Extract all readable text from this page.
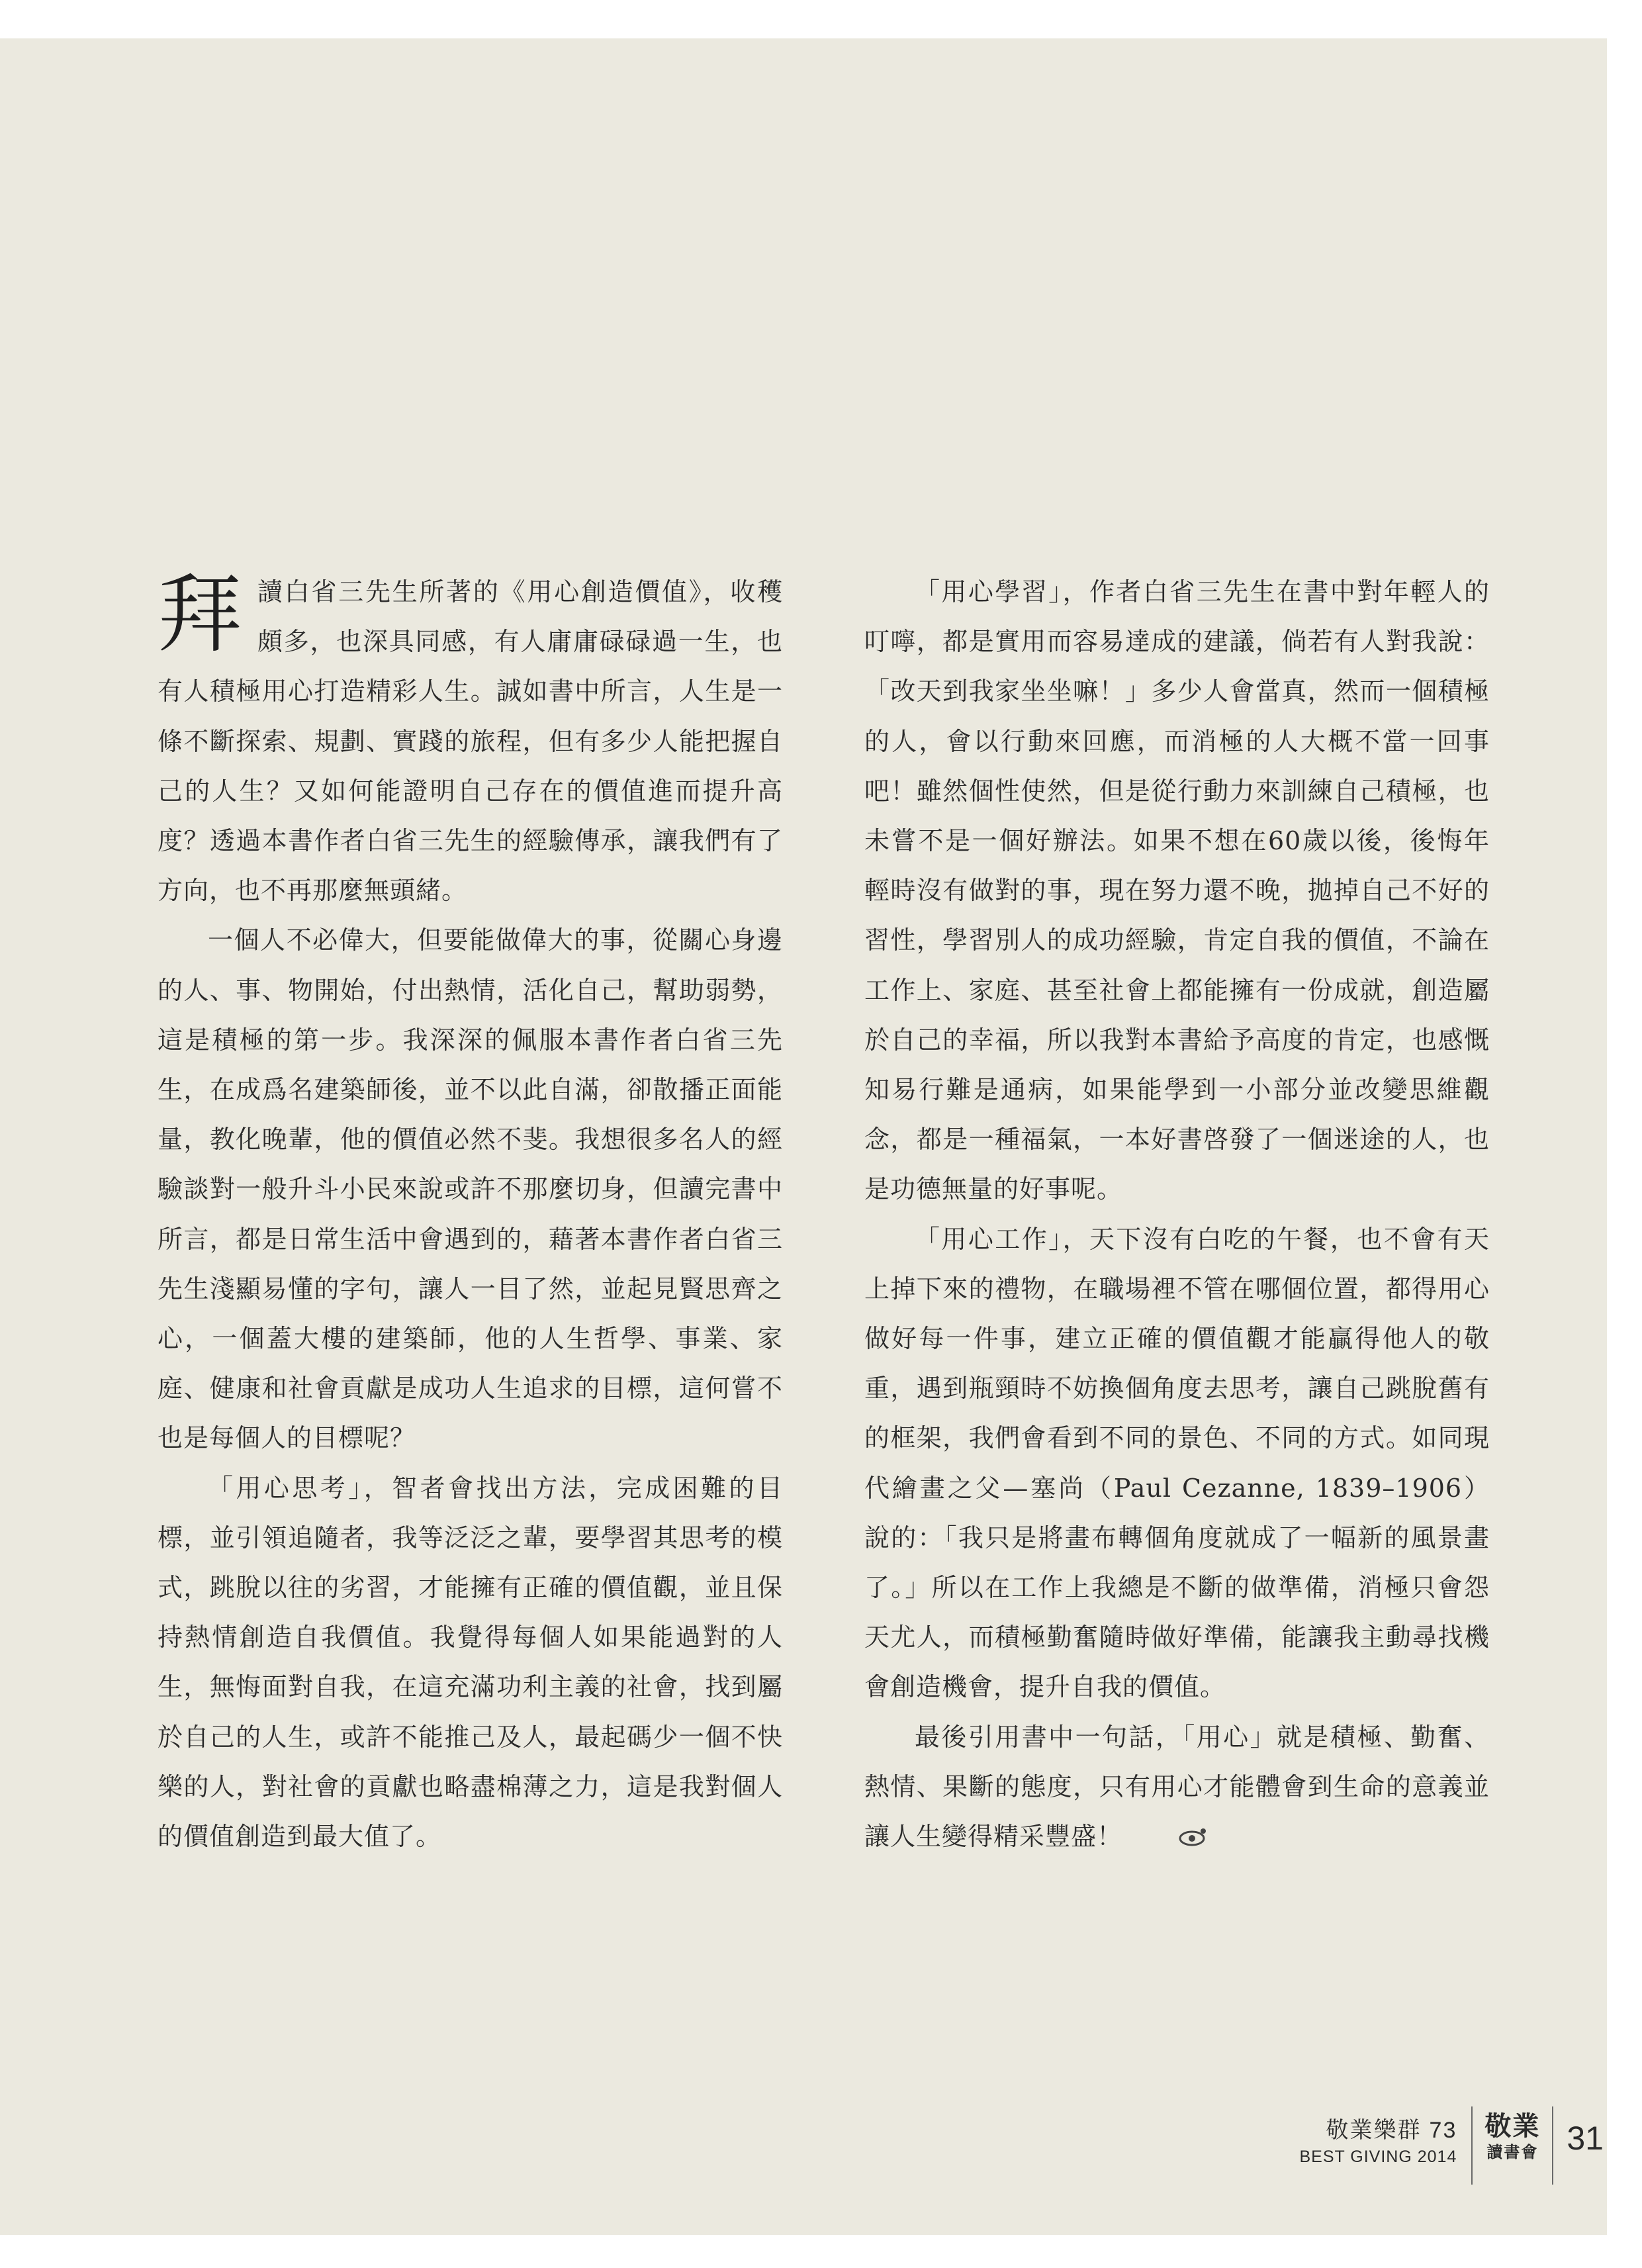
拜讀白省三先生所著的《用心創造價值》，收穫頗多，也深具同感，有人庸庸碌碌過一生，也有人積極用心打造精彩人生。誠如書中所言，人生是一條不斷探索、規劃、實踐的旅程，但有多少人能把握自己的人生？又如何能證明自己存在的價值進而提升高度？透過本書作者白省三先生的經驗傳承，讓我們有了方向，也不再那麼無頭緒。

一個人不必偉大，但要能做偉大的事，從關心身邊的人、事、物開始，付出熱情，活化自己，幫助弱勢，這是積極的第一步。我深深的佩服本書作者白省三先生，在成爲名建築師後，並不以此自滿，卻散播正面能量，教化晚輩，他的價值必然不斐。我想很多名人的經驗談對一般升斗小民來說或許不那麼切身，但讀完書中所言，都是日常生活中會遇到的，藉著本書作者白省三先生淺顯易懂的字句，讓人一目了然，並起見賢思齊之心，一個蓋大樓的建築師，他的人生哲學、事業、家庭、健康和社會貢獻是成功人生追求的目標，這何嘗不也是每個人的目標呢？

「用心思考」，智者會找出方法，完成困難的目標，並引領追隨者，我等泛泛之輩，要學習其思考的模式，跳脫以往的劣習，才能擁有正確的價值觀，並且保持熱情創造自我價值。我覺得每個人如果能過對的人生，無悔面對自我，在這充滿功利主義的社會，找到屬於自己的人生，或許不能推己及人，最起碼少一個不快樂的人，對社會的貢獻也略盡棉薄之力，這是我對個人的價值創造到最大值了。

「用心學習」，作者白省三先生在書中對年輕人的叮嚀，都是實用而容易達成的建議，倘若有人對我說：「改天到我家坐坐嘛！」多少人會當真，然而一個積極的人，會以行動來回應，而消極的人大概不當一回事吧！雖然個性使然，但是從行動力來訓練自己積極，也未嘗不是一個好辦法。如果不想在60歲以後，後悔年輕時沒有做對的事，現在努力還不晚，拋掉自己不好的習性，學習別人的成功經驗，肯定自我的價值，不論在工作上、家庭、甚至社會上都能擁有一份成就，創造屬於自己的幸福，所以我對本書給予高度的肯定，也感慨知易行難是通病，如果能學到一小部分並改變思維觀念，都是一種福氣，一本好書啓發了一個迷途的人，也是功德無量的好事呢。

「用心工作」，天下沒有白吃的午餐，也不會有天上掉下來的禮物，在職場裡不管在哪個位置，都得用心做好每一件事，建立正確的價值觀才能贏得他人的敬重，遇到瓶頸時不妨換個角度去思考，讓自己跳脫舊有的框架，我們會看到不同的景色、不同的方式。如同現代繪畫之父—塞尚（Paul Cezanne, 1839–1906）說的：「我只是將畫布轉個角度就成了一幅新的風景畫了。」所以在工作上我總是不斷的做準備，消極只會怨天尤人，而積極勤奮隨時做好準備，能讓我主動尋找機會創造機會，提升自我的價值。

最後引用書中一句話，「用心」就是積極、勤奮、熱情、果斷的態度，只有用心才能體會到生命的意義並讓人生變得精采豐盛！

敬業樂群 73
BEST GIVING 2014
敬業
讀書會 31
